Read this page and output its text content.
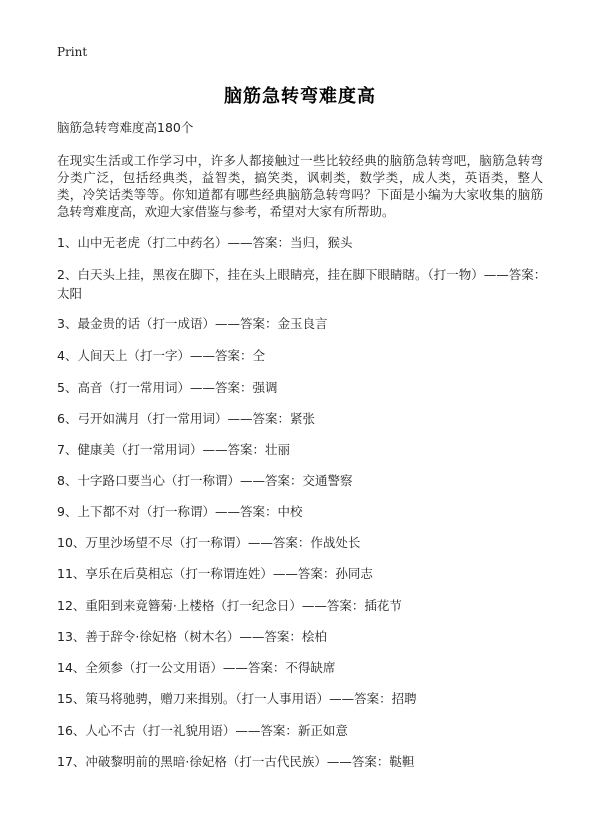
Print
脑筋急转弯难度高
脑筋急转弯难度高180个
在现实生活或工作学习中，许多人都接触过一些比较经典的脑筋急转弯吧，脑筋急转弯分类广泛，包括经典类，益智类，搞笑类，讽刺类，数学类，成人类，英语类，整人类，冷笑话类等等。你知道都有哪些经典脑筋急转弯吗？下面是小编为大家收集的脑筋急转弯难度高，欢迎大家借鉴与参考，希望对大家有所帮助。
1、山中无老虎（打二中药名）——答案：当归，猴头
2、白天头上挂，黑夜在脚下，挂在头上眼睛亮，挂在脚下眼睛瞎。（打一物）——答案：太阳
3、最金贵的话（打一成语）——答案：金玉良言
4、人间天上（打一字）——答案：仝
5、高音（打一常用词）——答案：强调
6、弓开如满月（打一常用词）——答案：紧张
7、健康美（打一常用词）——答案：壮丽
8、十字路口要当心（打一称谓）——答案：交通警察
9、上下都不对（打一称谓）——答案：中校
10、万里沙场望不尽（打一称谓）——答案：作战处长
11、享乐在后莫相忘（打一称谓连姓）——答案：孙同志
12、重阳到来竟簪菊·上楼格（打一纪念日）——答案：插花节
13、善于辞令·徐妃格（树木名）——答案：桧柏
14、全须参（打一公文用语）——答案：不得缺席
15、策马将驰骋，赠刀来揖别。（打一人事用语）——答案：招聘
16、人心不古（打一礼貌用语）——答案：新正如意
17、冲破黎明前的黑暗·徐妃格（打一古代民族）——答案：鞑靼
